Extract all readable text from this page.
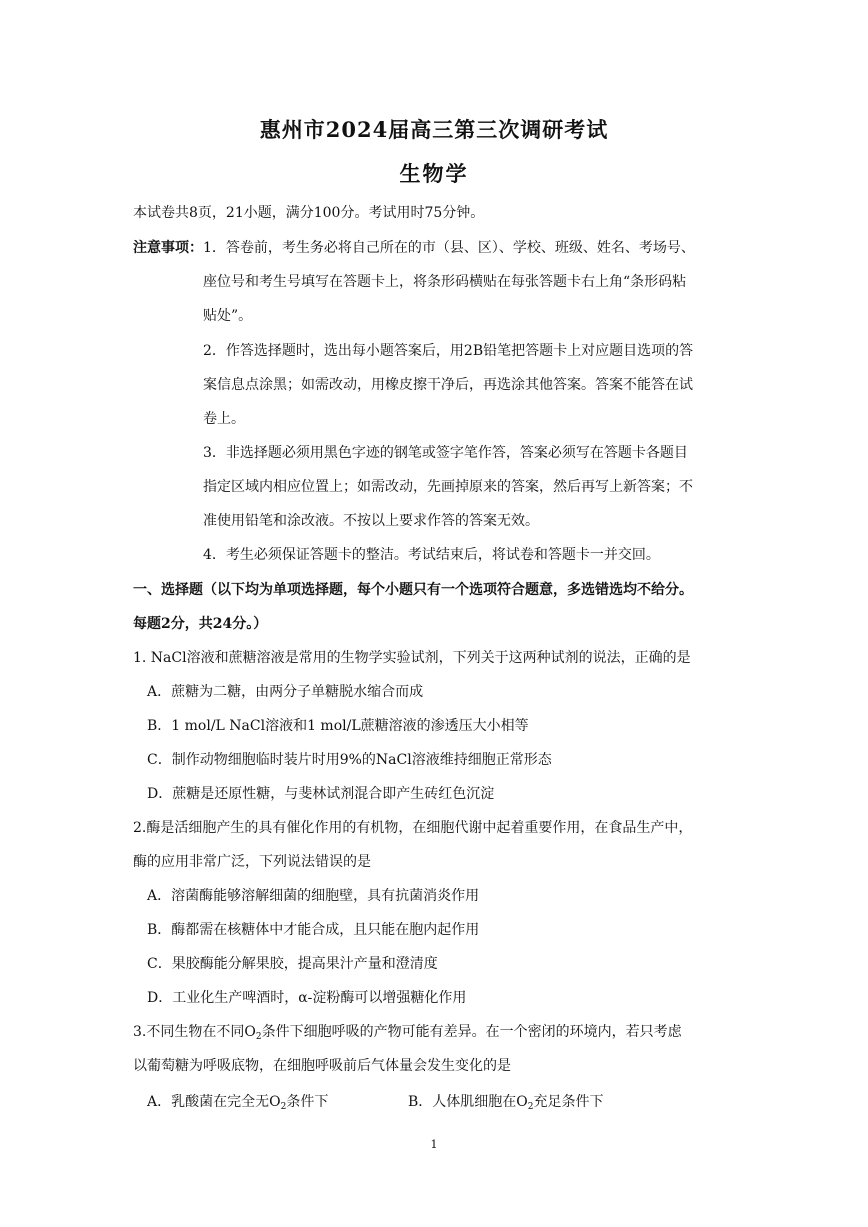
惠州市2024届高三第三次调研考试
生物学
本试卷共8页，21小题，满分100分。考试用时75分钟。
注意事项：1．答卷前，考生务必将自己所在的市（县、区）、学校、班级、姓名、考场号、
座位号和考生号填写在答题卡上，将条形码横贴在每张答题卡右上角“条形码粘
贴处”。
2．作答选择题时，选出每小题答案后，用2B铅笔把答题卡上对应题目选项的答
案信息点涂黑；如需改动，用橡皮擦干净后，再选涂其他答案。答案不能答在试
卷上。
3．非选择题必须用黑色字迹的钢笔或签字笔作答，答案必须写在答题卡各题目
指定区域内相应位置上；如需改动，先画掉原来的答案，然后再写上新答案；不
准使用铅笔和涂改液。不按以上要求作答的答案无效。
4．考生必须保证答题卡的整洁。考试结束后，将试卷和答题卡一并交回。
一、选择题（以下均为单项选择题，每个小题只有一个选项符合题意，多选错选均不给分。
每题2分，共24分。）
1. NaCl溶液和蔗糖溶液是常用的生物学实验试剂，下列关于这两种试剂的说法，正确的是
A．蔗糖为二糖，由两分子单糖脱水缩合而成
B．1 mol/L NaCl溶液和1 mol/L蔗糖溶液的渗透压大小相等
C．制作动物细胞临时装片时用9%的NaCl溶液维持细胞正常形态
D．蔗糖是还原性糖，与斐林试剂混合即产生砖红色沉淀
2.酶是活细胞产生的具有催化作用的有机物，在细胞代谢中起着重要作用，在食品生产中，
酶的应用非常广泛，下列说法错误的是
A．溶菌酶能够溶解细菌的细胞壁，具有抗菌消炎作用
B．酶都需在核糖体中才能合成，且只能在胞内起作用
C．果胶酶能分解果胶，提高果汁产量和澄清度
D．工业化生产啤酒时，α-淀粉酶可以增强糖化作用
3.不同生物在不同$O_2$条件下细胞呼吸的产物可能有差异。在一个密闭的环境内，若只考虑
以葡萄糖为呼吸底物，在细胞呼吸前后气体量会发生变化的是
A．乳酸菌在完全无$O_2$条件下	B．人体肌细胞在$O_2$充足条件下
1
